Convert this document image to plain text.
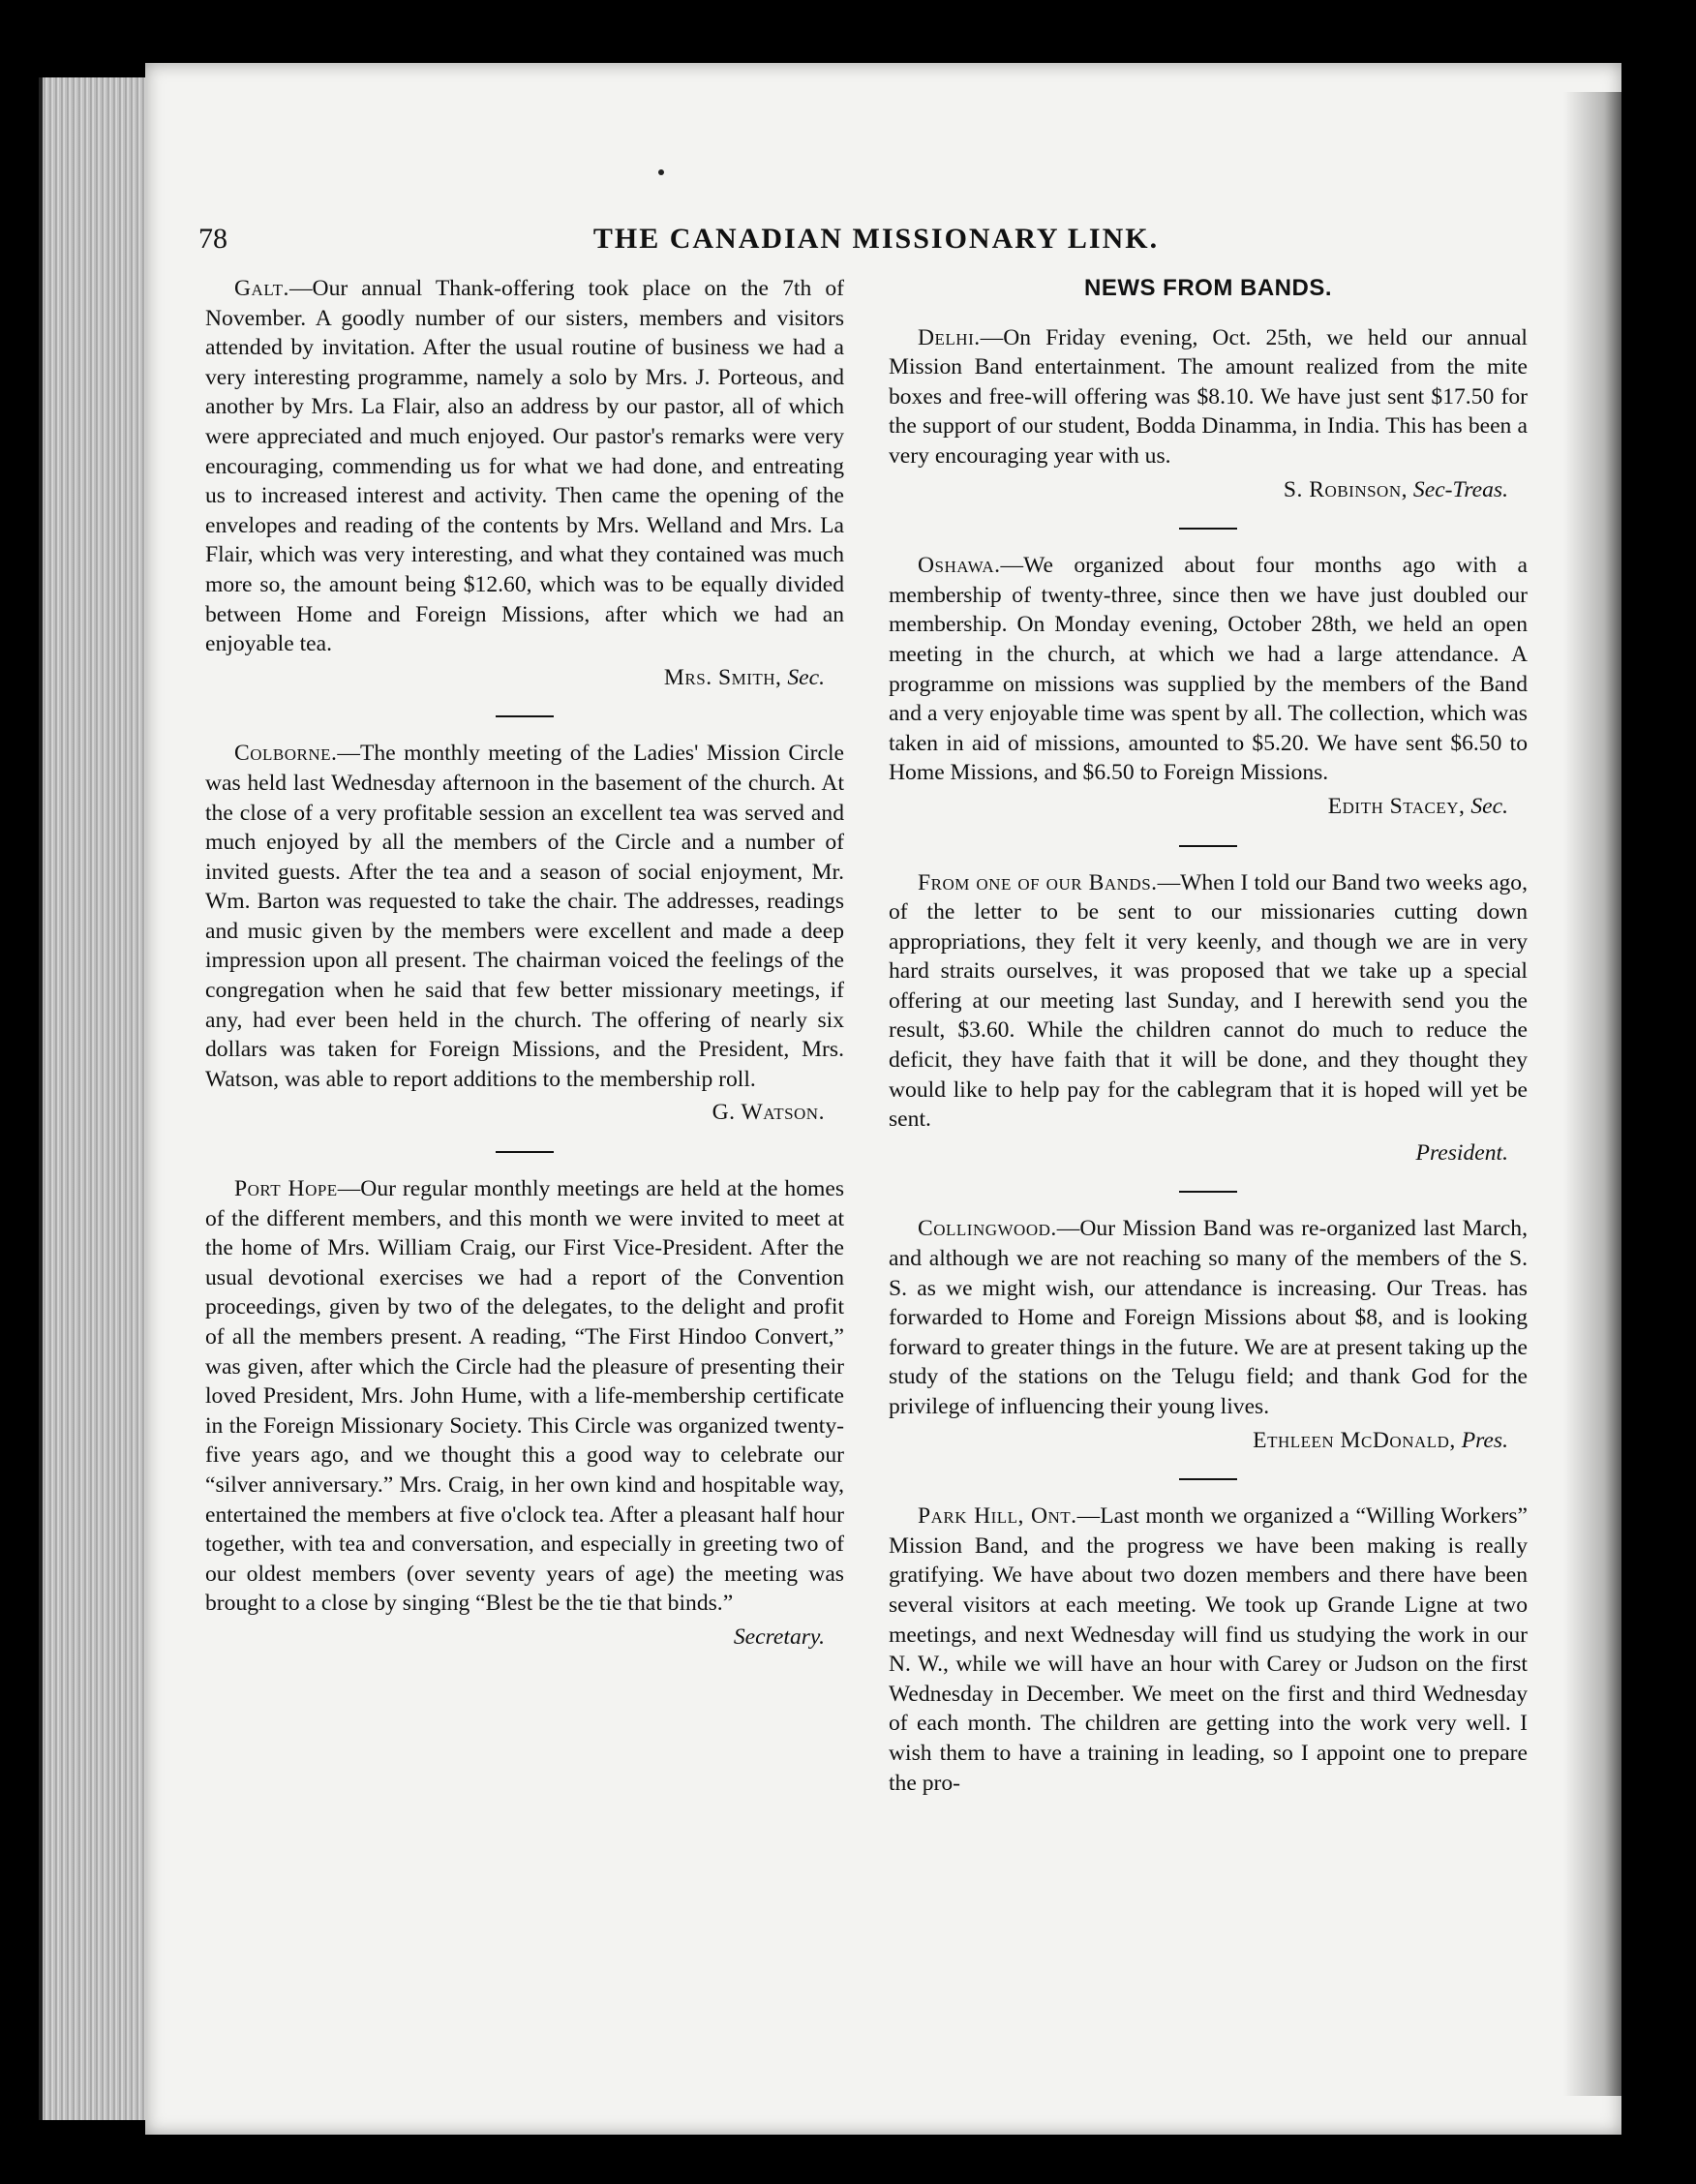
78	THE CANADIAN MISSIONARY LINK.

Galt.—Our annual Thank-offering took place on the 7th of November. A goodly number of our sisters, members and visitors attended by invitation. After the usual routine of business we had a very interesting programme, namely a solo by Mrs. J. Porteous, and another by Mrs. La Flair, also an address by our pastor, all of which were appreciated and much enjoyed. Our pastor's remarks were very encouraging, commending us for what we had done, and entreating us to increased interest and activity. Then came the opening of the envelopes and reading of the contents by Mrs. Welland and Mrs. La Flair, which was very interesting, and what they contained was much more so, the amount being $12.60, which was to be equally divided between Home and Foreign Missions, after which we had an enjoyable tea.

Mrs. Smith, Sec.

Colborne.—The monthly meeting of the Ladies' Mission Circle was held last Wednesday afternoon in the basement of the church. At the close of a very profitable session an excellent tea was served and much enjoyed by all the members of the Circle and a number of invited guests. After the tea and a season of social enjoyment, Mr. Wm. Barton was requested to take the chair. The addresses, readings and music given by the members were excellent and made a deep impression upon all present. The chairman voiced the feelings of the congregation when he said that few better missionary meetings, if any, had ever been held in the church. The offering of nearly six dollars was taken for Foreign Missions, and the President, Mrs. Watson, was able to report additions to the membership roll.

G. Watson.

Port Hope—Our regular monthly meetings are held at the homes of the different members, and this month we were invited to meet at the home of Mrs. William Craig, our First Vice-President. After the usual devotional exercises we had a report of the Convention proceedings, given by two of the delegates, to the delight and profit of all the members present. A reading, “The First Hindoo Convert,” was given, after which the Circle had the pleasure of presenting their loved President, Mrs. John Hume, with a life-membership certificate in the Foreign Missionary Society. This Circle was organized twenty-five years ago, and we thought this a good way to celebrate our “silver anniversary.” Mrs. Craig, in her own kind and hospitable way, entertained the members at five o'clock tea. After a pleasant half hour together, with tea and conversation, and especially in greeting two of our oldest members (over seventy years of age) the meeting was brought to a close by singing “Blest be the tie that binds.”

Secretary.
NEWS FROM BANDS.

Delhi.—On Friday evening, Oct. 25th, we held our annual Mission Band entertainment. The amount realized from the mite boxes and free-will offering was $8.10. We have just sent $17.50 for the support of our student, Bodda Dinamma, in India. This has been a very encouraging year with us.

S. Robinson, Sec-Treas.

Oshawa.—We organized about four months ago with a membership of twenty-three, since then we have just doubled our membership. On Monday evening, October 28th, we held an open meeting in the church, at which we had a large attendance. A programme on missions was supplied by the members of the Band and a very enjoyable time was spent by all. The collection, which was taken in aid of missions, amounted to $5.20. We have sent $6.50 to Home Missions, and $6.50 to Foreign Missions.

Edith Stacey, Sec.

From one of our Bands.—When I told our Band two weeks ago, of the letter to be sent to our missionaries cutting down appropriations, they felt it very keenly, and though we are in very hard straits ourselves, it was proposed that we take up a special offering at our meeting last Sunday, and I herewith send you the result, $3.60. While the children cannot do much to reduce the deficit, they have faith that it will be done, and they thought they would like to help pay for the cablegram that it is hoped will yet be sent.

President.

Collingwood.—Our Mission Band was re-organized last March, and although we are not reaching so many of the members of the S. S. as we might wish, our attendance is increasing. Our Treas. has forwarded to Home and Foreign Missions about $8, and is looking forward to greater things in the future. We are at present taking up the study of the stations on the Telugu field; and thank God for the privilege of influencing their young lives.

Ethleen McDonald, Pres.

Park Hill, Ont.—Last month we organized a “Willing Workers” Mission Band, and the progress we have been making is really gratifying. We have about two dozen members and there have been several visitors at each meeting. We took up Grande Ligne at two meetings, and next Wednesday will find us studying the work in our N. W., while we will have an hour with Carey or Judson on the first Wednesday in December. We meet on the first and third Wednesday of each month. The children are getting into the work very well. I wish them to have a training in leading, so I appoint one to prepare the pro-
